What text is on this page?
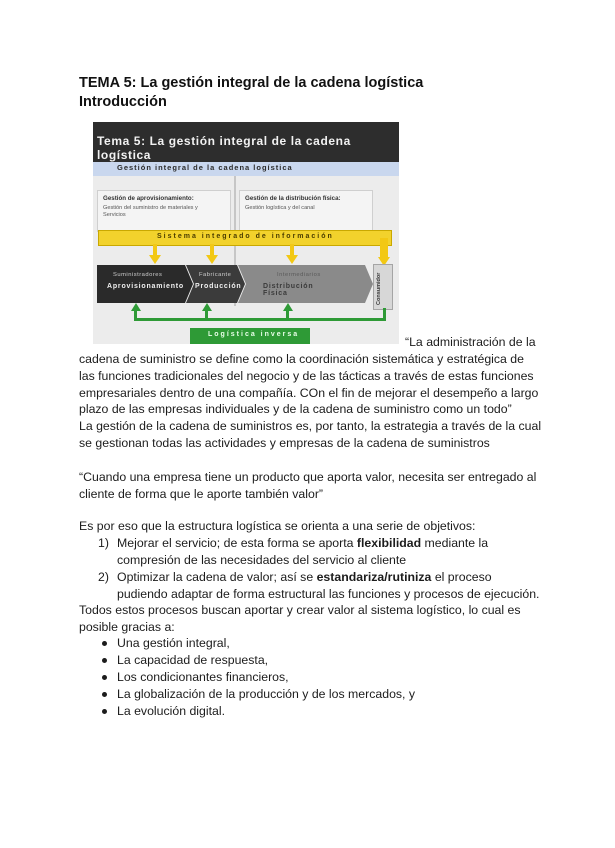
TEMA 5: La gestión integral de la cadena logística
Introducción
Tema 5: La gestión integral de la cadena logística
Gestión integral de la cadena logística
Gestión de aprovisionamiento:
Gestión del suministro de materiales y
Servicios
Gestión de la distribución física:
Gestión logística y del canal
Sistema integrado de información
Suministradores
Aprovisionamiento
Fabricante
Producción
Intermediarios
Distribución Física	Consumidor
Logística inversa
“La administración de la
cadena de suministro se define como la coordinación sistemática y estratégica de
las funciones tradicionales del negocio y de las tácticas a través de estas funciones
empresariales dentro de una compañía. COn el fin de mejorar el desempeño a largo
plazo de las empresas individuales y de la cadena de suministro como un todo”
La gestión de la cadena de suministros es, por tanto, la estrategia a través de la cual
se gestionan todas las actividades y empresas de la cadena de suministros
“Cuando una empresa tiene un producto que aporta valor, necesita ser entregado al
cliente de forma que le aporte también valor”
Es por eso que la estructura logística se orienta a una serie de objetivos:
1) Mejorar el servicio; de esta forma se aporta flexibilidad mediante la
compresión de las necesidades del servicio al cliente
2) Optimizar la cadena de valor; así se estandariza/rutiniza el proceso
pudiendo adaptar de forma estructural las funciones y procesos de ejecución.
Todos estos procesos buscan aportar y crear valor al sistema logístico, lo cual es
posible gracias a:
Una gestión integral,
La capacidad de respuesta,
Los condicionantes financieros,
La globalización de la producción y de los mercados, y
La evolución digital.
